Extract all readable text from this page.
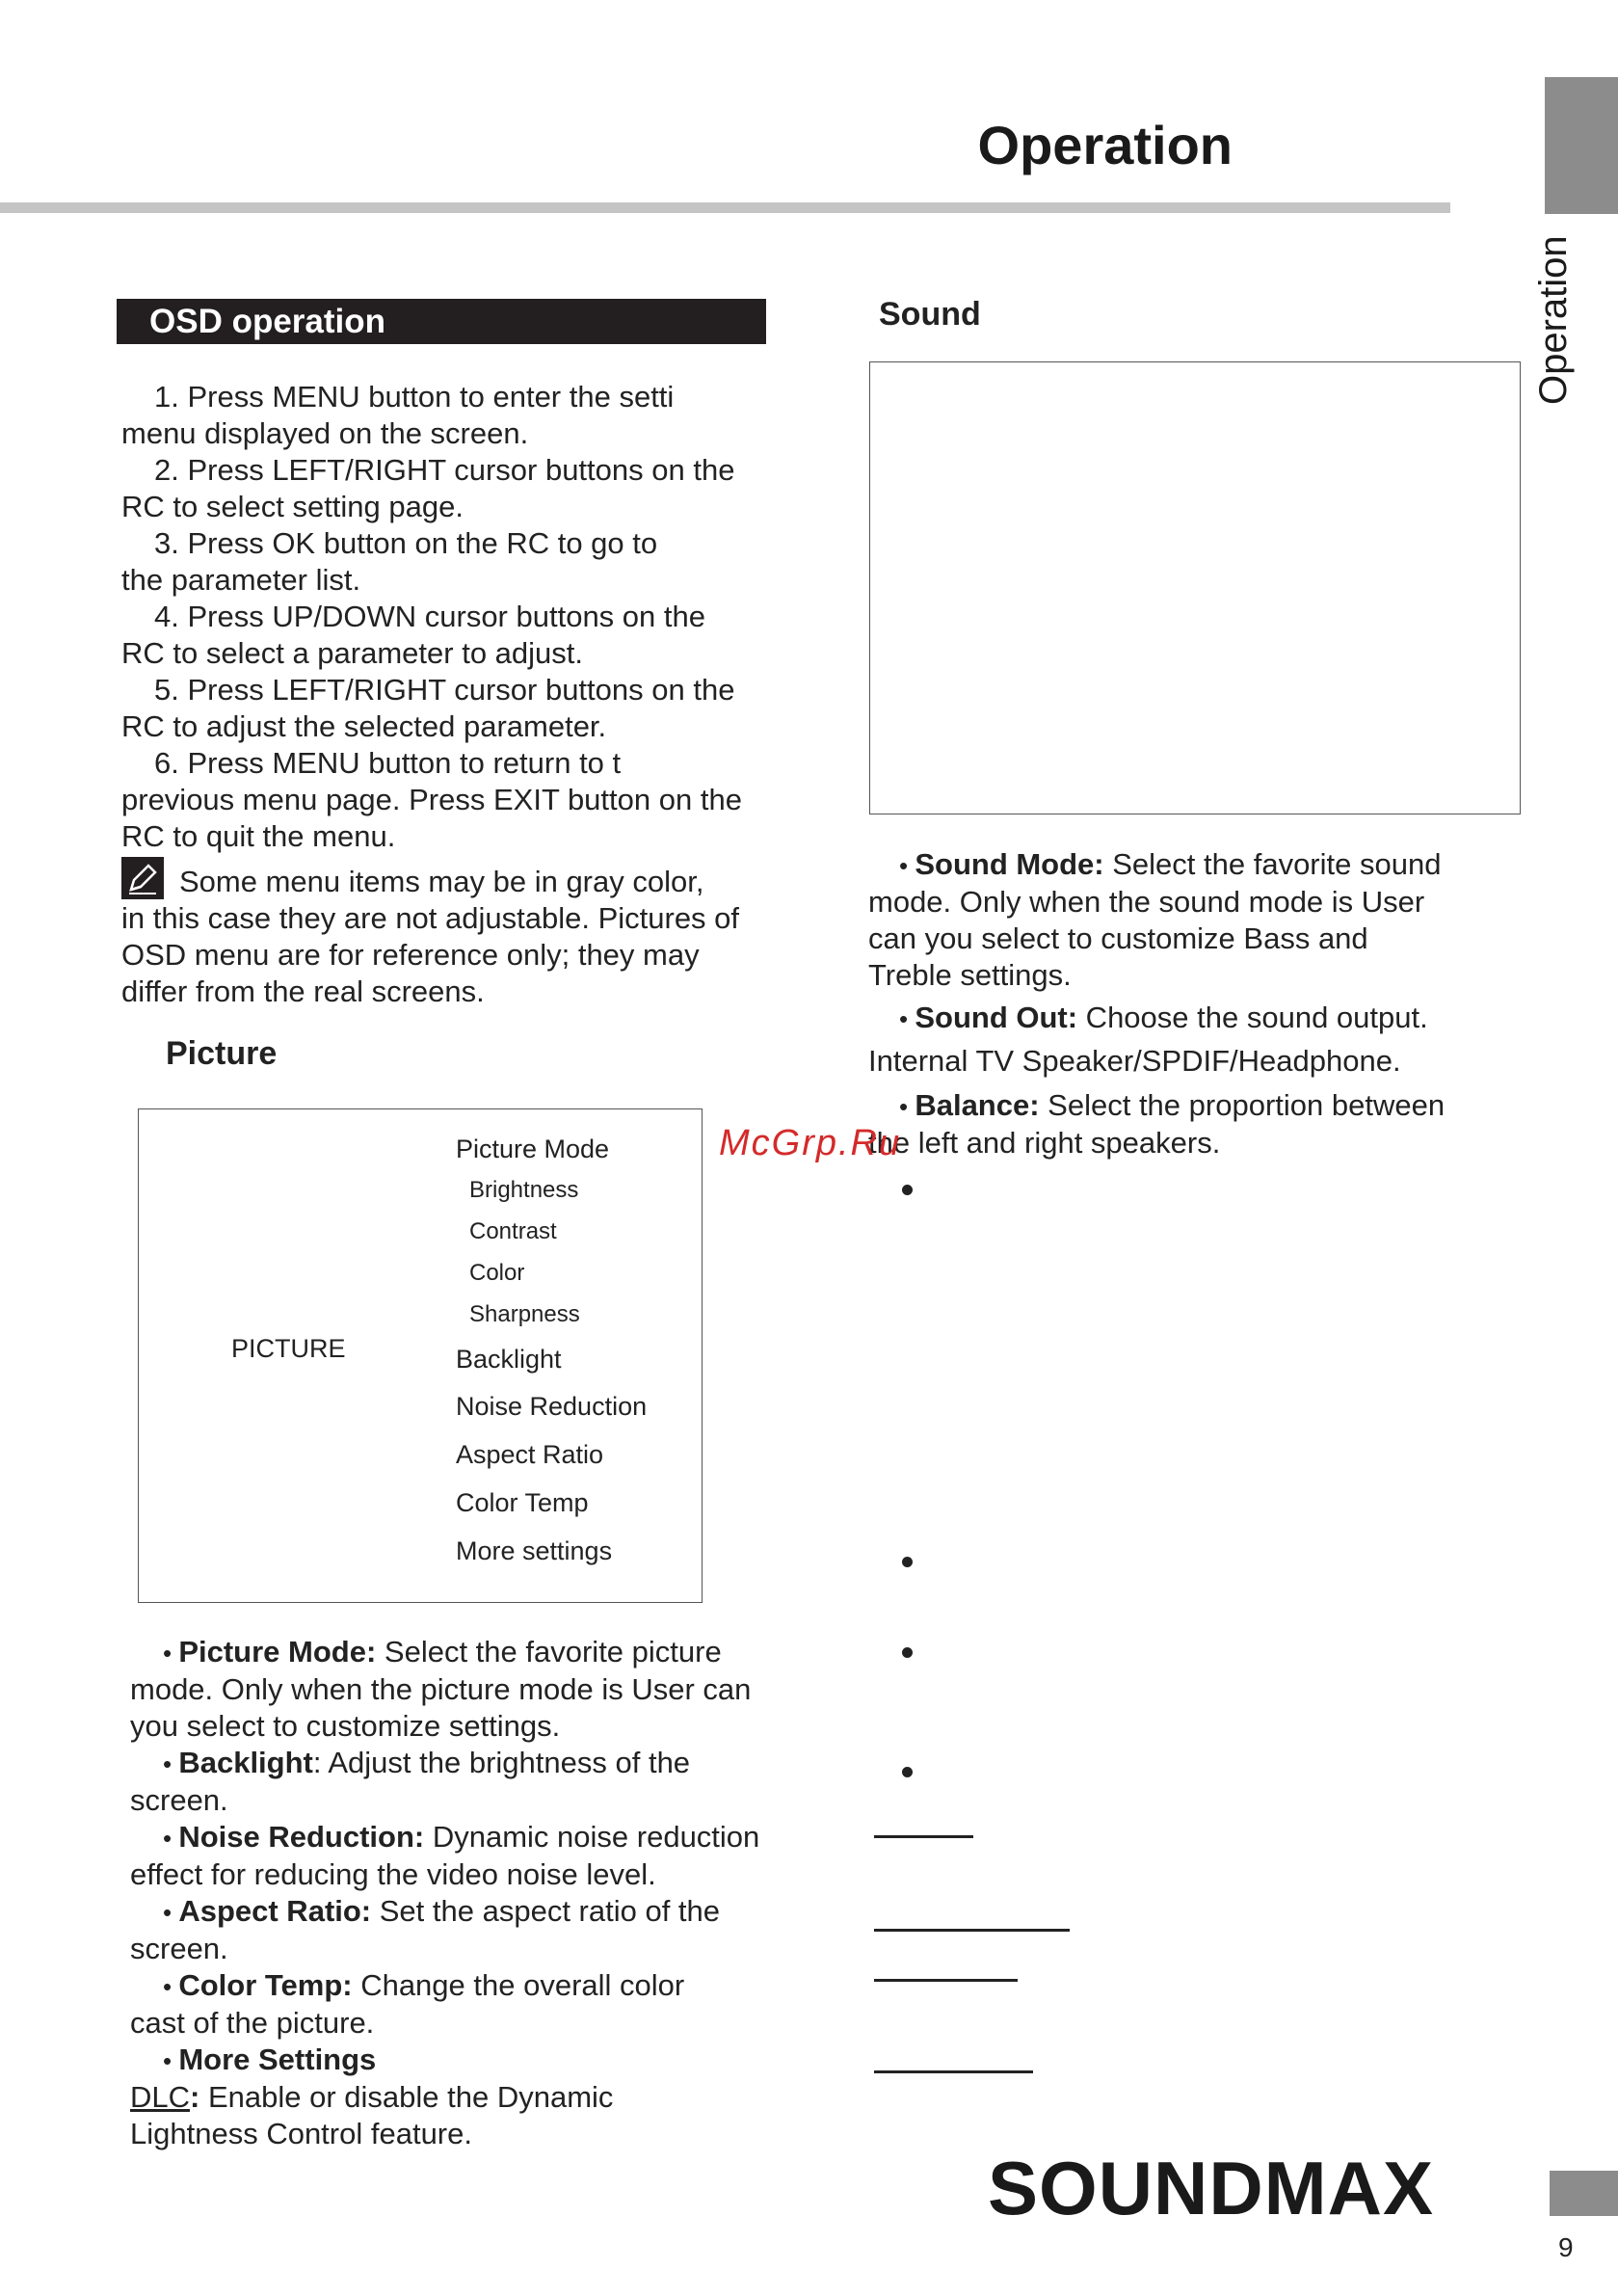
Operation
Operation
OSD operation

1. Press MENU button to enter the setti

menu displayed on the screen.

2. Press LEFT/RIGHT cursor buttons on the

RC to select setting page.

3. Press OK button on the RC to go to

the parameter list.

4. Press UP/DOWN cursor buttons on the

RC to select a parameter to adjust.

5. Press LEFT/RIGHT cursor buttons on the

RC to adjust the selected parameter.

6. Press MENU button to return to t

previous menu page. Press EXIT button on the

RC to quit the menu.

Some menu items may be in gray color,

in this case they are not adjustable. Pictures of

OSD menu are for reference only; they may

differ from the real screens.

Picture
PICTURE
Picture Mode
Brightness
Contrast
Color
Sharpness
Backlight
Noise Reduction
Aspect Ratio
Color Temp
More settings

• Picture Mode: Select the favorite picture

mode. Only when the picture mode is User can

you select to customize settings.

• Backlight: Adjust the brightness of the

screen.

• Noise Reduction: Dynamic noise reduction

effect for reducing the video noise level.

• Aspect Ratio: Set the aspect ratio of the

screen.

• Color Temp: Change the overall color

cast of the picture.

• More Settings

DLC: Enable or disable the Dynamic

Lightness Control feature.

Sound

• Sound Mode: Select the favorite sound

mode. Only when the sound mode is User

can you select to customize Bass and

Treble settings.

• Sound Out: Choose the sound output.

Internal TV Speaker/SPDIF/Headphone.

• Balance: Select the proportion between

the left and right speakers.

McGrp.Ru
SOUNDMAX
9
